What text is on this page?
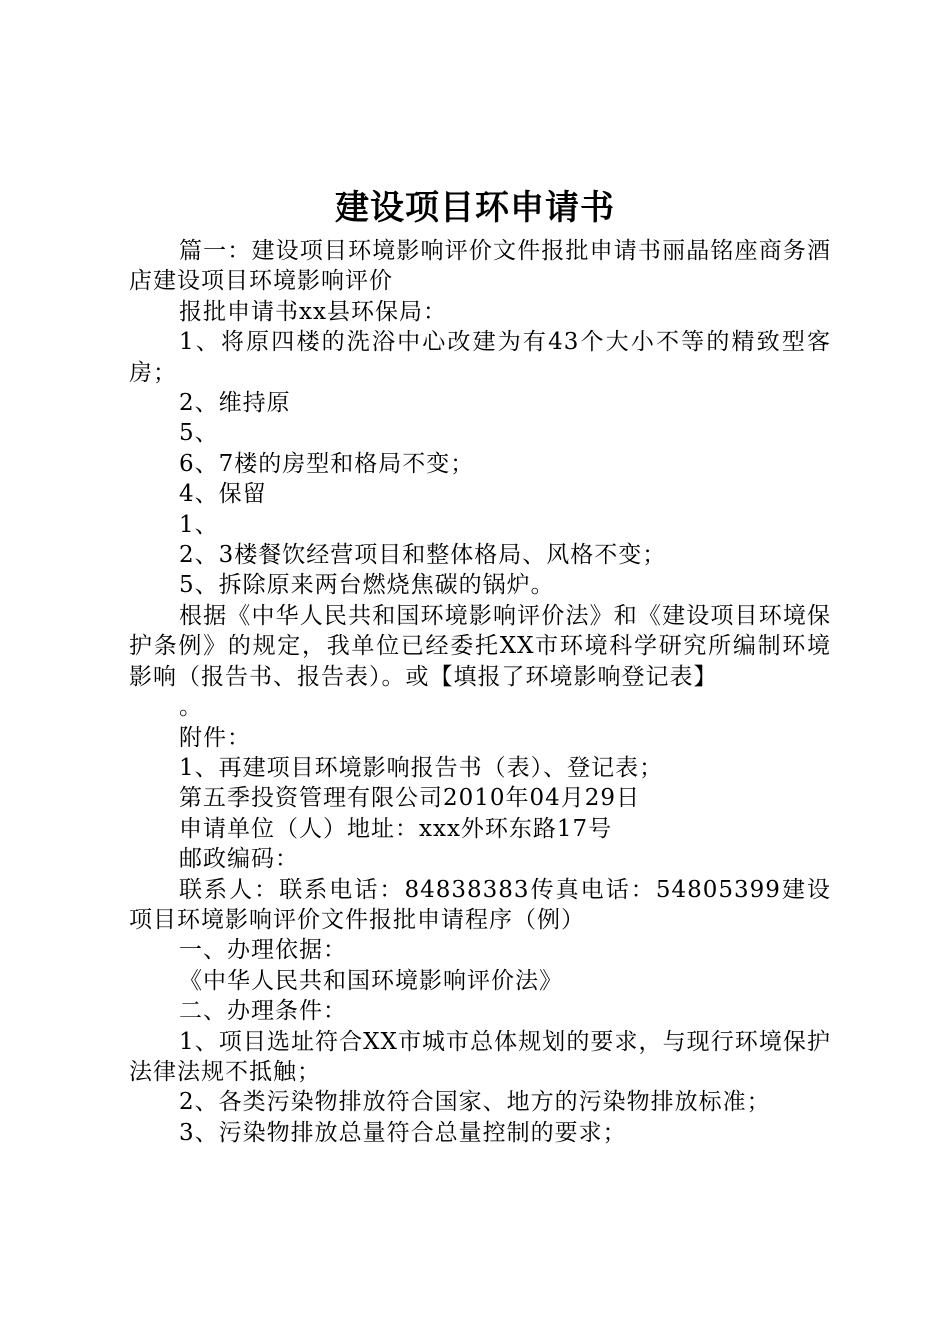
建设项目环申请书

篇一：建设项目环境影响评价文件报批申请书丽晶铭座商务酒店建设项目环境影响评价

报批申请书xx县环保局：

1、将原四楼的洗浴中心改建为有43个大小不等的精致型客房；

2、维持原

5、

6、7楼的房型和格局不变；

4、保留

1、

2、3楼餐饮经营项目和整体格局、风格不变；

5、拆除原来两台燃烧焦碳的锅炉。

根据《中华人民共和国环境影响评价法》和《建设项目环境保护条例》的规定，我单位已经委托XX市环境科学研究所编制环境影响（报告书、报告表）。或【填报了环境影响登记表】

。

附件：

1、再建项目环境影响报告书（表）、登记表；

第五季投资管理有限公司2010年04月29日

申请单位（人）地址：xxx外环东路17号

邮政编码：

联系人：联系电话：84838383传真电话：54805399建设项目环境影响评价文件报批申请程序（例）

一、办理依据：

《中华人民共和国环境影响评价法》

二、办理条件：

1、项目选址符合XX市城市总体规划的要求，与现行环境保护法律法规不抵触；

2、各类污染物排放符合国家、地方的污染物排放标准；

3、污染物排放总量符合总量控制的要求；
